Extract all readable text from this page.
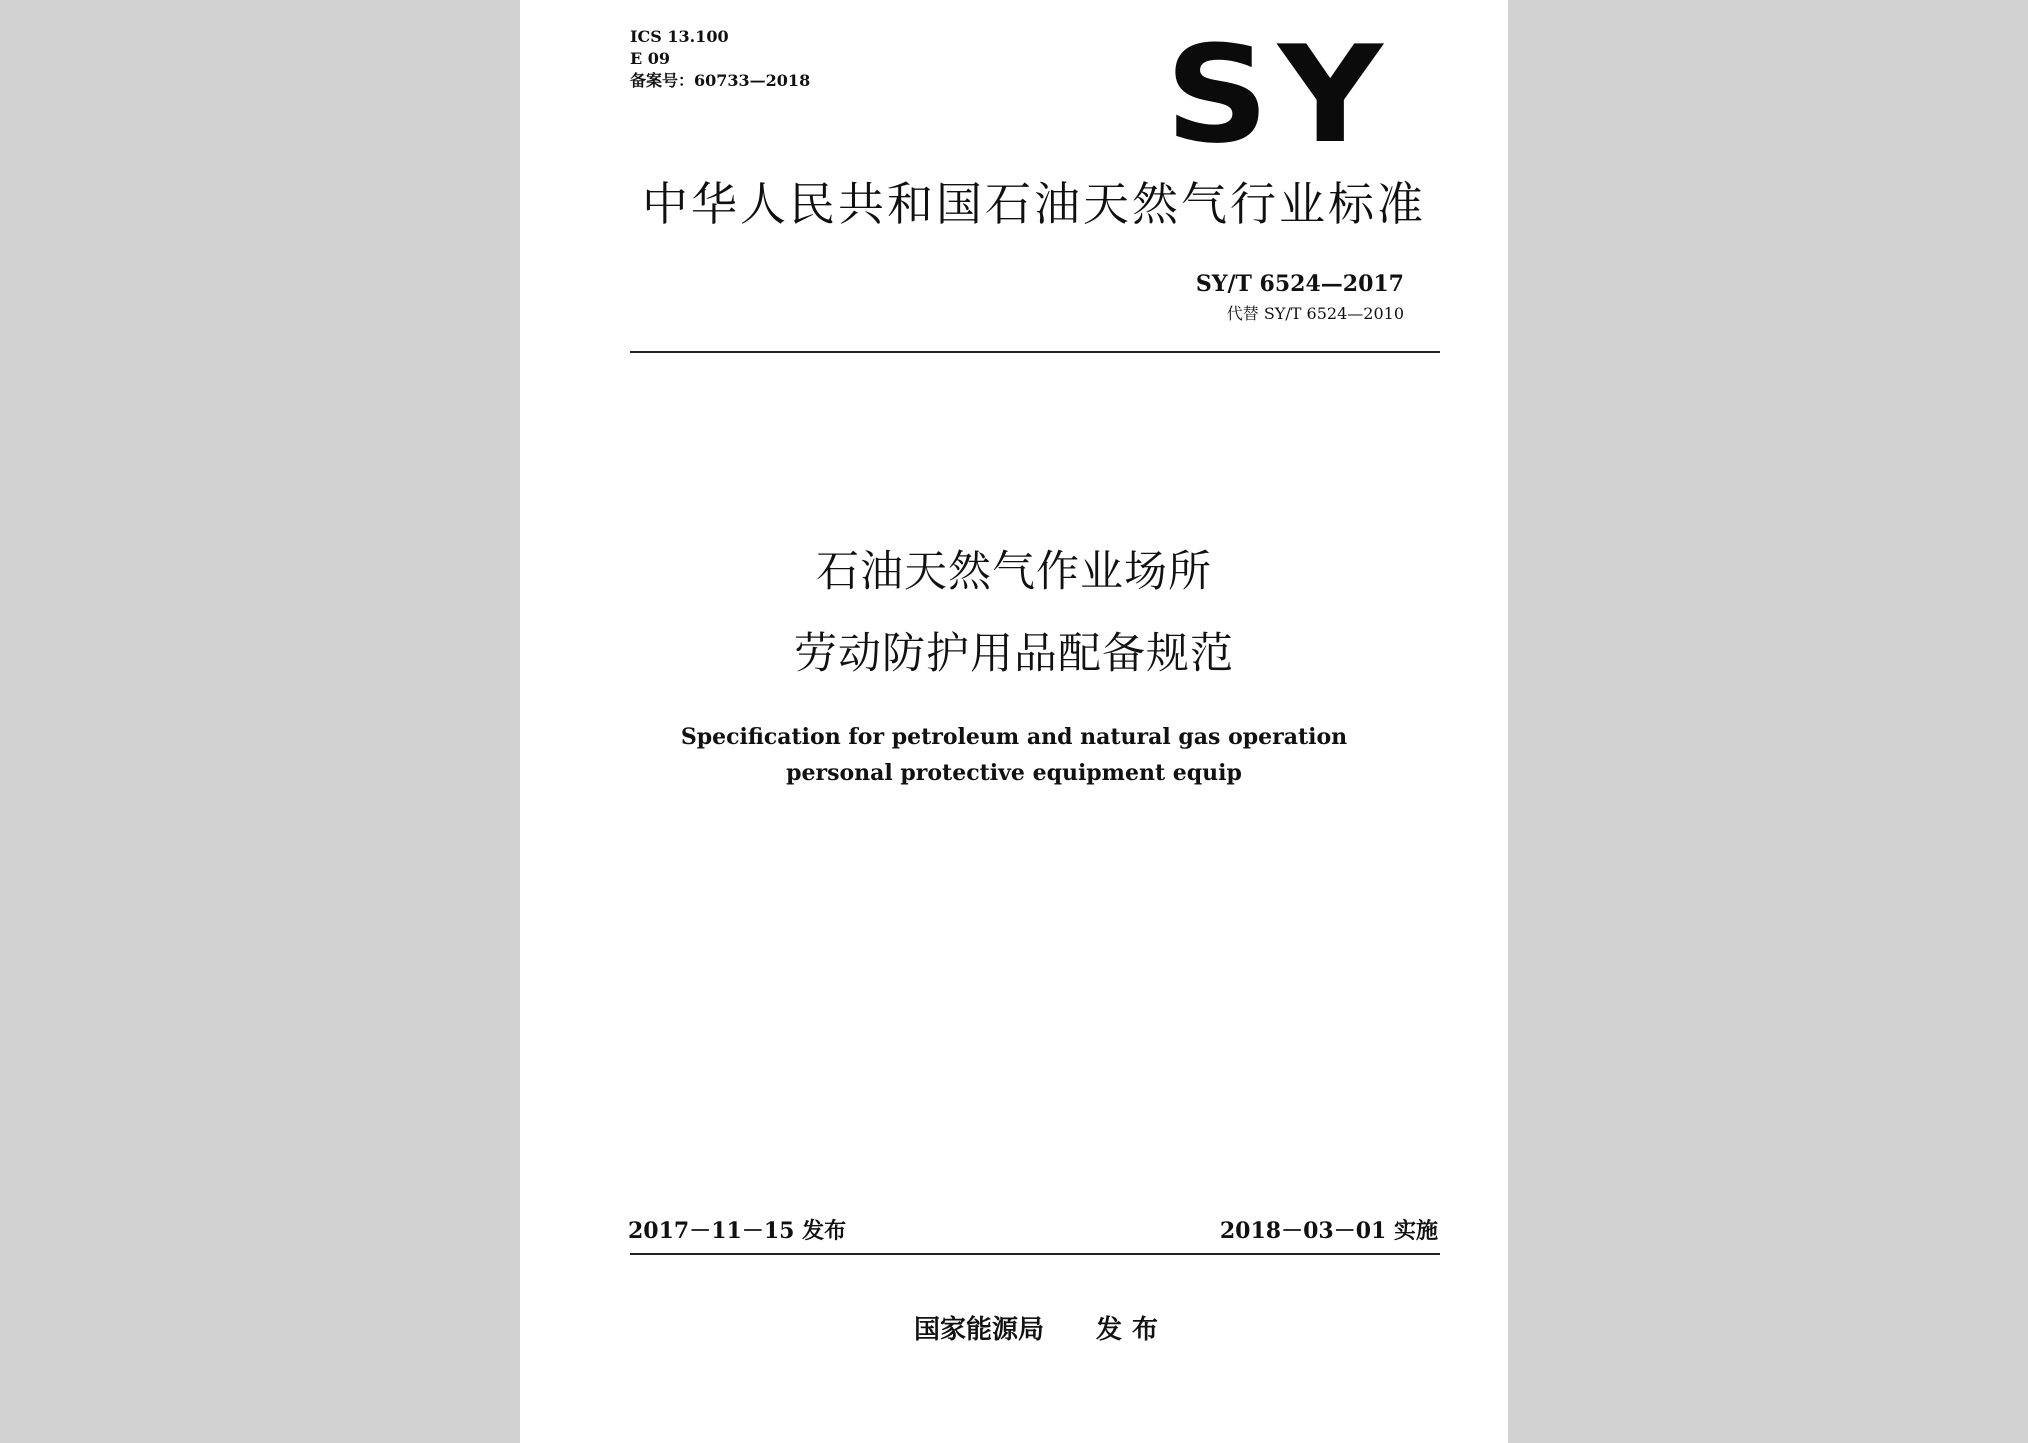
ICS 13.100

E 09

备案号：60733—2018	SY
中华人民共和国石油天然气行业标准
SY/T 6524—2017
代替 SY/T 6524—2010
石油天然气作业场所
劳动防护用品配备规范
Specification for petroleum and natural gas operation
personal protective equipment equip
2017－11－15 发布	2018－03－01 实施
国家能源局 发布
